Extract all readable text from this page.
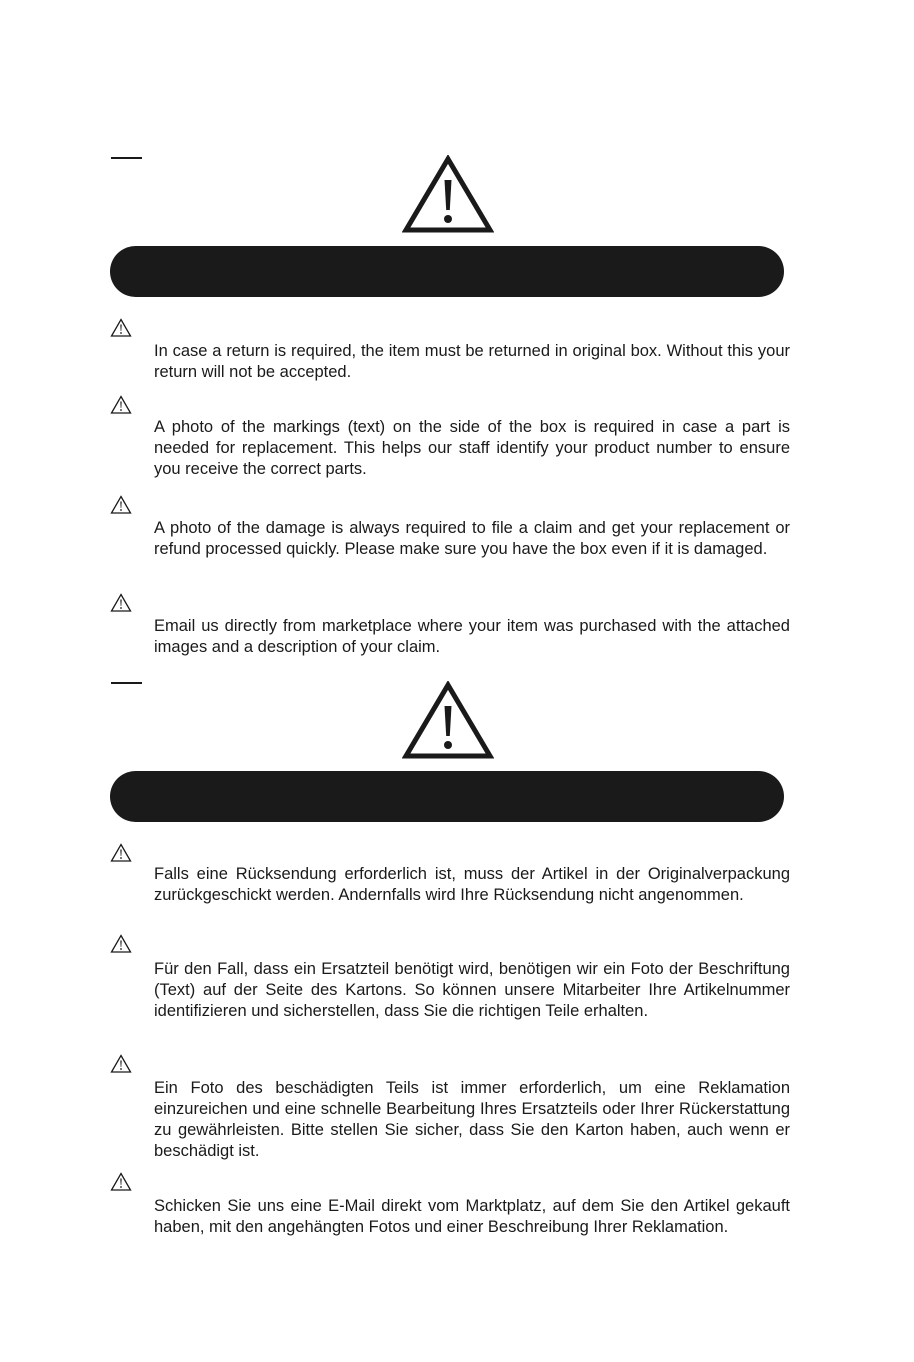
In case a return is required, the item must be returned in original box. Without this your return will not be accepted.

A photo of the markings (text) on the side of the box is required in case a part is needed for replacement. This helps our staff identify your product number to ensure you receive the correct parts.

A photo of the damage is always required to file a claim and get your replacement or refund processed quickly. Please make sure you have the box even if it is damaged.

Email us directly from marketplace where your item was purchased with the attached images and a description of your claim.

Falls eine Rücksendung erforderlich ist, muss der Artikel in der Originalverpackung zurückgeschickt werden. Andernfalls wird Ihre Rücksendung nicht angenommen.

Für den Fall, dass ein Ersatzteil benötigt wird, benötigen wir ein Foto der Beschriftung (Text) auf der Seite des Kartons. So können unsere Mitarbeiter Ihre Artikelnummer identifizieren und sicherstellen, dass Sie die richtigen Teile erhalten.

Ein Foto des beschädigten Teils ist immer erforderlich, um eine Reklamation einzureichen und eine schnelle Bearbeitung Ihres Ersatzteils oder Ihrer Rückerstattung zu gewährleisten. Bitte stellen Sie sicher, dass Sie den Karton haben, auch wenn er beschädigt ist.

Schicken Sie uns eine E-Mail direkt vom Marktplatz, auf dem Sie den Artikel gekauft haben, mit den angehängten Fotos und einer Beschreibung Ihrer Reklamation.
